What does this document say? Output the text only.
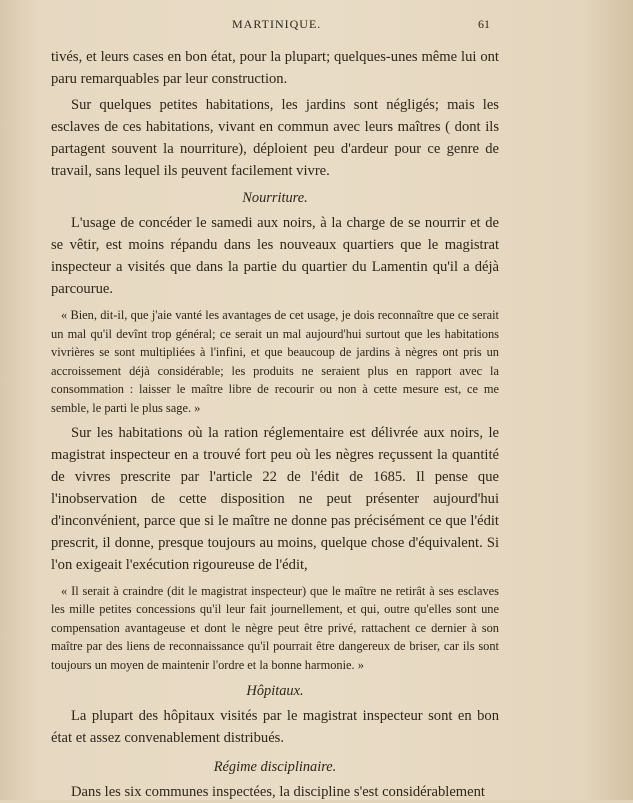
MARTINIQUE.	61

tivés, et leurs cases en bon état, pour la plupart; quelques-unes même lui ont paru remarquables par leur construction.

Sur quelques petites habitations, les jardins sont négligés; mais les esclaves de ces habitations, vivant en commun avec leurs maîtres ( dont ils partagent souvent la nourriture), déploient peu d'ardeur pour ce genre de travail, sans lequel ils peuvent facilement vivre.

Nourriture.

L'usage de concéder le samedi aux noirs, à la charge de se nourrir et de se vêtir, est moins répandu dans les nouveaux quartiers que le magistrat inspecteur a visités que dans la partie du quartier du Lamentin qu'il a déjà parcourue.

« Bien, dit-il, que j'aie vanté les avantages de cet usage, je dois reconnaître que ce serait un mal qu'il devînt trop général; ce serait un mal aujourd'hui surtout que les habitations vivrières se sont multipliées à l'infini, et que beaucoup de jardins à nègres ont pris un accroissement déjà considérable; les produits ne seraient plus en rapport avec la consommation : laisser le maître libre de recourir ou non à cette mesure est, ce me semble, le parti le plus sage. »

Sur les habitations où la ration réglementaire est délivrée aux noirs, le magistrat inspecteur en a trouvé fort peu où les nègres reçussent la quantité de vivres prescrite par l'article 22 de l'édit de 1685. Il pense que l'inobservation de cette disposition ne peut présenter aujourd'hui d'inconvénient, parce que si le maître ne donne pas précisément ce que l'édit prescrit, il donne, presque toujours au moins, quelque chose d'équivalent. Si l'on exigeait l'exécution rigoureuse de l'édit,

« Il serait à craindre (dit le magistrat inspecteur) que le maître ne retirât à ses esclaves les mille petites concessions qu'il leur fait journellement, et qui, outre qu'elles sont une compensation avantageuse et dont le nègre peut être privé, rattachent ce dernier à son maître par des liens de reconnaissance qu'il pourrait être dangereux de briser, car ils sont toujours un moyen de maintenir l'ordre et la bonne harmonie. »

Hôpitaux.

La plupart des hôpitaux visités par le magistrat inspecteur sont en bon état et assez convenablement distribués.

Régime disciplinaire.

Dans les six communes inspectées, la discipline s'est considérablement
